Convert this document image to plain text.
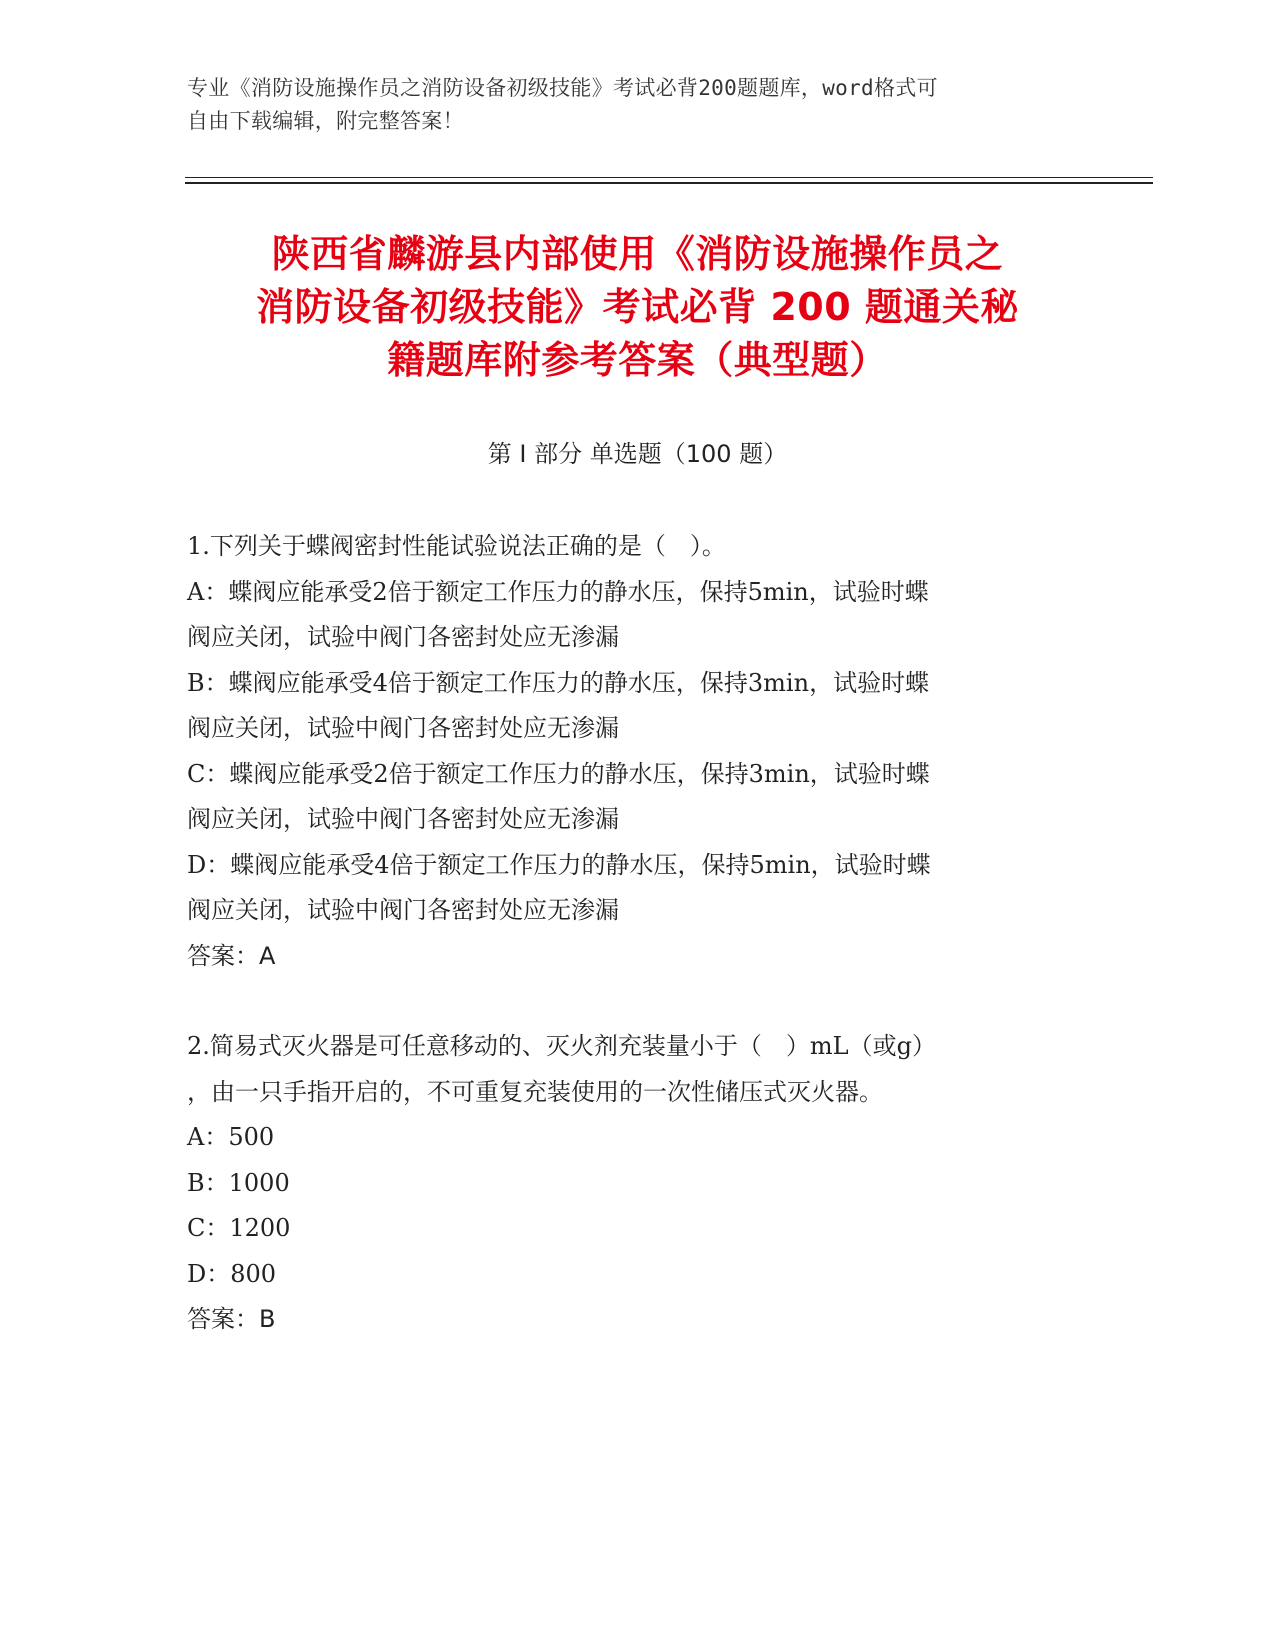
专业《消防设施操作员之消防设备初级技能》考试必背200题题库，word格式可
自由下载编辑，附完整答案！
陕西省麟游县内部使用《消防设施操作员之
消防设备初级技能》考试必背 200 题通关秘
籍题库附参考答案（典型题）
第 I 部分 单选题（100 题）
1.下列关于蝶阀密封性能试验说法正确的是（　）。
A：蝶阀应能承受2倍于额定工作压力的静水压，保持5min，试验时蝶
阀应关闭，试验中阀门各密封处应无渗漏
B：蝶阀应能承受4倍于额定工作压力的静水压，保持3min，试验时蝶
阀应关闭，试验中阀门各密封处应无渗漏
C：蝶阀应能承受2倍于额定工作压力的静水压，保持3min，试验时蝶
阀应关闭，试验中阀门各密封处应无渗漏
D：蝶阀应能承受4倍于额定工作压力的静水压，保持5min，试验时蝶
阀应关闭，试验中阀门各密封处应无渗漏
答案：A
2.简易式灭火器是可任意移动的、灭火剂充装量小于（　）mL（或g）
，由一只手指开启的，不可重复充装使用的一次性储压式灭火器。
A：500
B：1000
C：1200
D：800
答案：B
